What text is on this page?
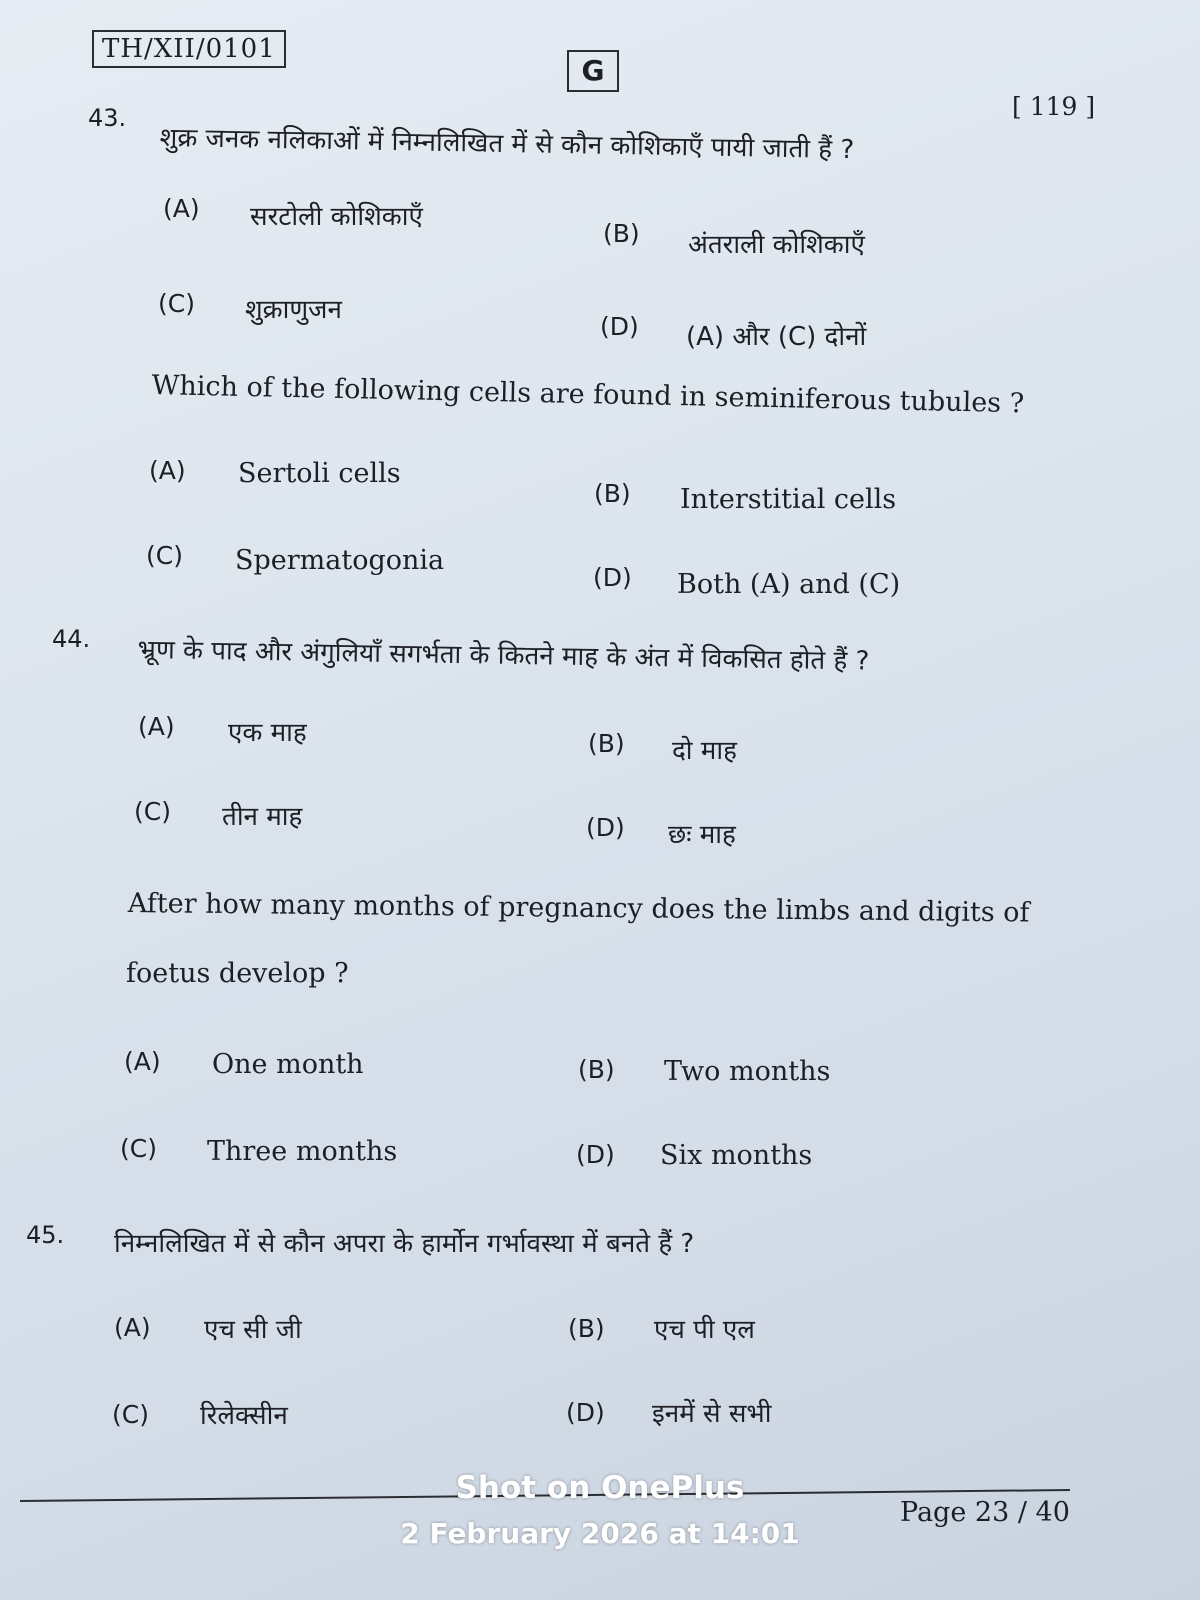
TH/XII/0101
G
[ 119 ]
43.
शुक्र जनक नलिकाओं में निम्नलिखित में से कौन कोशिकाएँ पायी जाती हैं ?
(A) सरटोली कोशिकाएँ
(B) अंतराली कोशिकाएँ
(C) शुक्राणुजन
(D) (A) और (C) दोनों
Which of the following cells are found in seminiferous tubules ?
(A) Sertoli cells
(B) Interstitial cells
(C) Spermatogonia
(D) Both (A) and (C)
44. भ्रूण के पाद और अंगुलियाँ सगर्भता के कितने माह के अंत में विकसित होते हैं ?
(A) एक माह	(B) दो माह
(C) तीन माह	(D) छः माह
After how many months of pregnancy does the limbs and digits of
foetus develop ?
(A) One month	(B) Two months
(C) Three months	(D) Six months
45. निम्नलिखित में से कौन अपरा के हार्मोन गर्भावस्था में बनते हैं ?
(A) एच सी जी	(B) एच पी एल
(C) रिलेक्सीन	(D) इनमें से सभी
Page 23 / 40
Shot on OnePlus
2 February 2026 at 14:01
